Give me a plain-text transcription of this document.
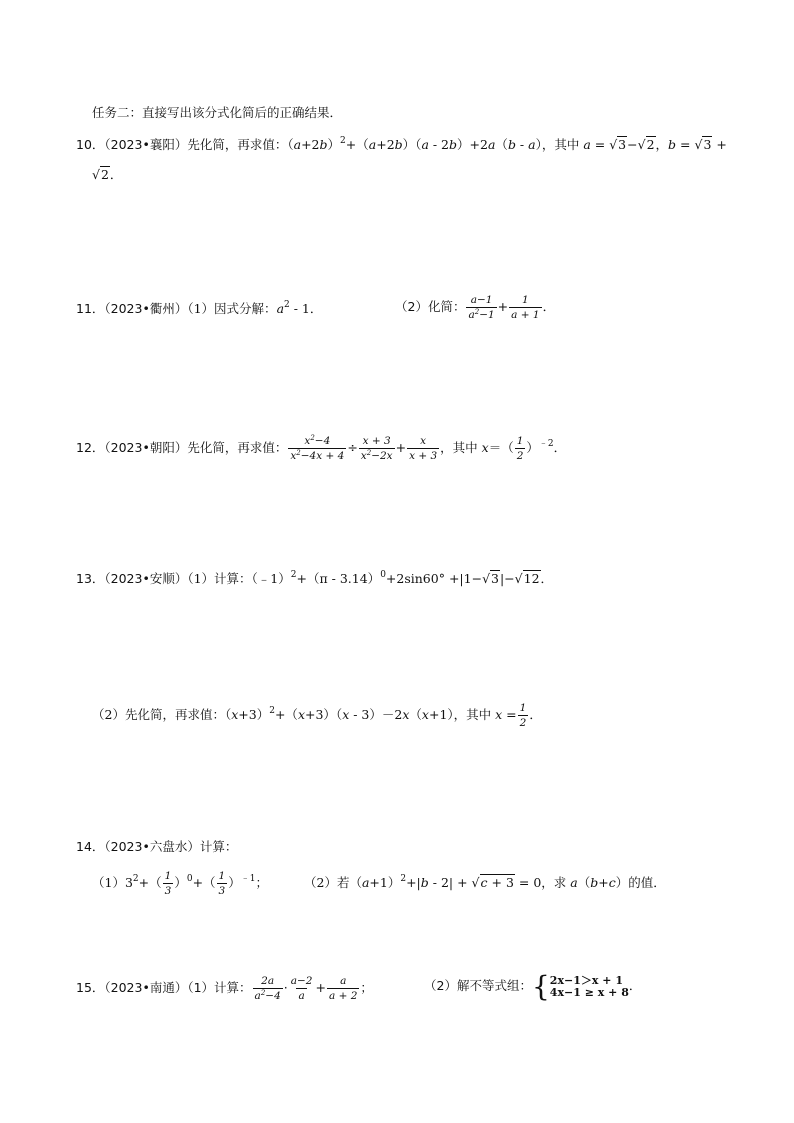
任务二：直接写出该分式化简后的正确结果．
10．（2023•襄阳）先化简，再求值：$(a+2b)^2+(a+2b)(a - 2b)+2a(b - a)$，其中 a = √3−√2，b = √3 +
√2．
11．（2023•衢州）（1）因式分解：$a^2 - 1$．	（2）化简： $\frac{a-1}{a^2-1} + \frac{1}{a + 1}$ ．
12．（2023•朝阳）先化简，再求值： $\frac{x^2-4}{x^2-4x + 4} \div \frac{x + 3}{x^2-2x} + \frac{x}{x + 3}$ ，其中 $x=( \frac{1}{2} )^{﹣2}$．
13．（2023•安顺）（1）计算：（﹣1）$^2$+（π - 3.14）$^0$+2sin60° +|1−√3|−√12．
（2）先化简，再求值：$(x+3)^2+(x+3)(x - 3)-2x(x+1)$，其中 $x = \frac{1}{2}$ ．
14．（2023•六盘水）计算：
$(1)3^2+( \frac{1}{3} )^0+( \frac{1}{3} )^{﹣1}$；	（2）若$(a+1)^2+|b - 2| + √c + 3 = 0$，求 a（b+c）的值．
15．（2023•南通）（1）计算： $\frac{2a}{a^2-4} \cdot \frac{a-2}{a} + \frac{a}{a + 2}$ ；	（2）解不等式组：{ 2x−1＞x + 1
4x−1 ≥ x + 8 ．
